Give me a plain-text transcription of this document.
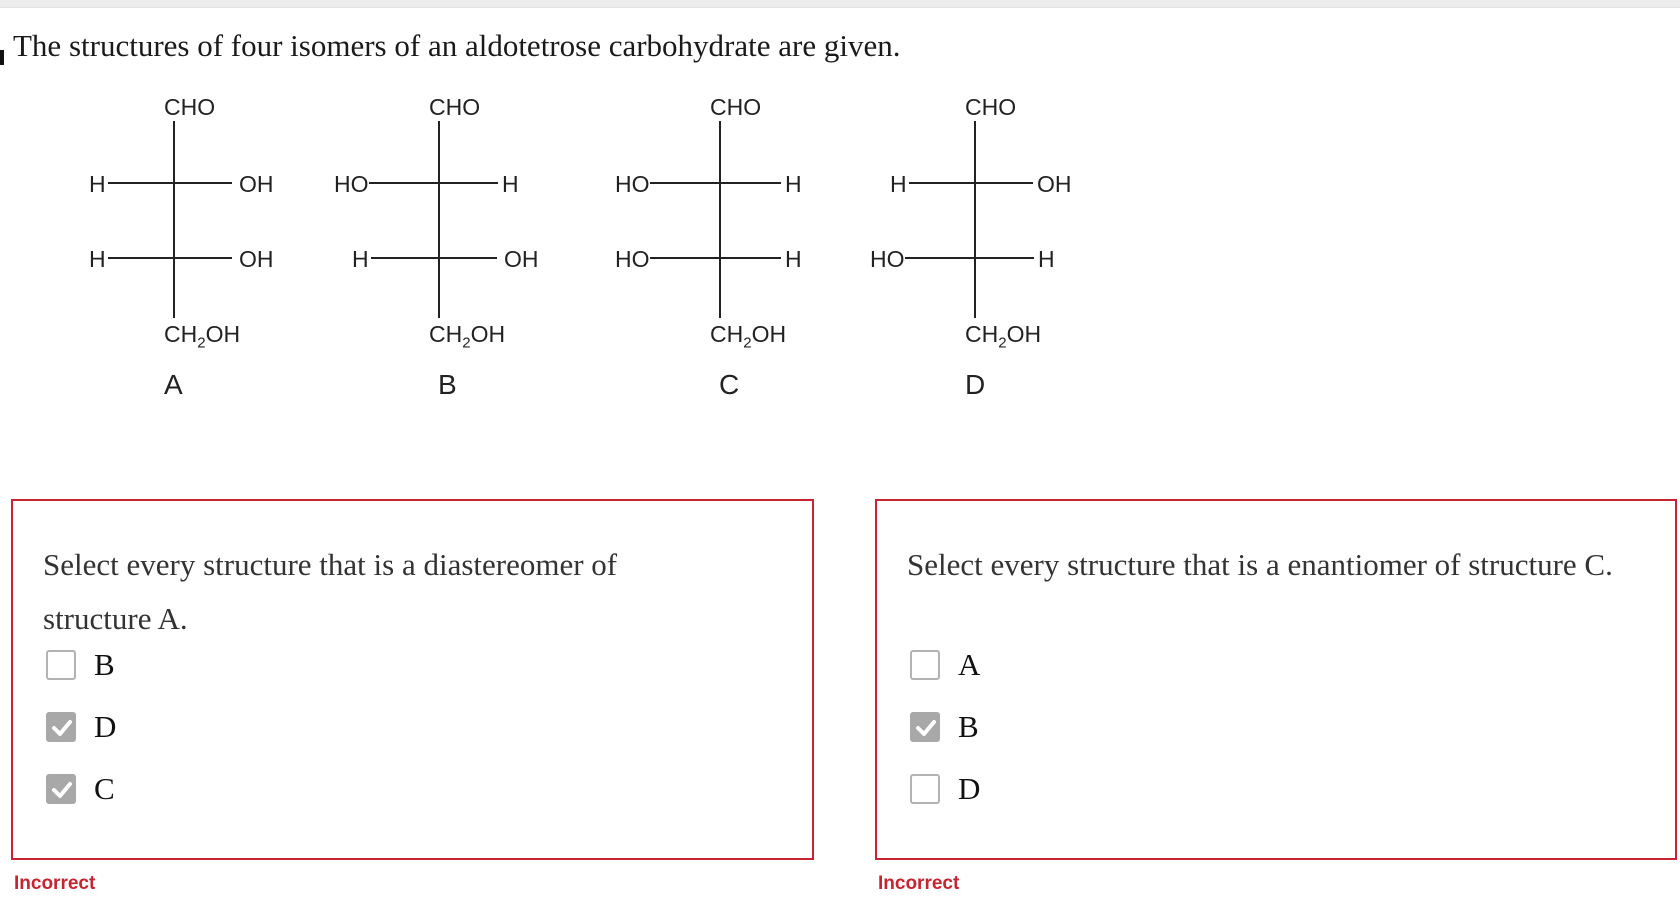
The structures of four isomers of an aldotetrose carbohydrate are given.
CHO
H	OH
H	OH
$CH_2OH$
A
CHO
HO	H
H	OH
$CH_2OH$
B
CHO
HO	H
HO	H
$CH_2OH$
C
CHO
H	OH
HO	H
$CH_2OH$
D
Select every structure that is a diastereomer of structure A.
B
D
C
Incorrect
Select every structure that is a enantiomer of structure C.
A
B
D
Incorrect
